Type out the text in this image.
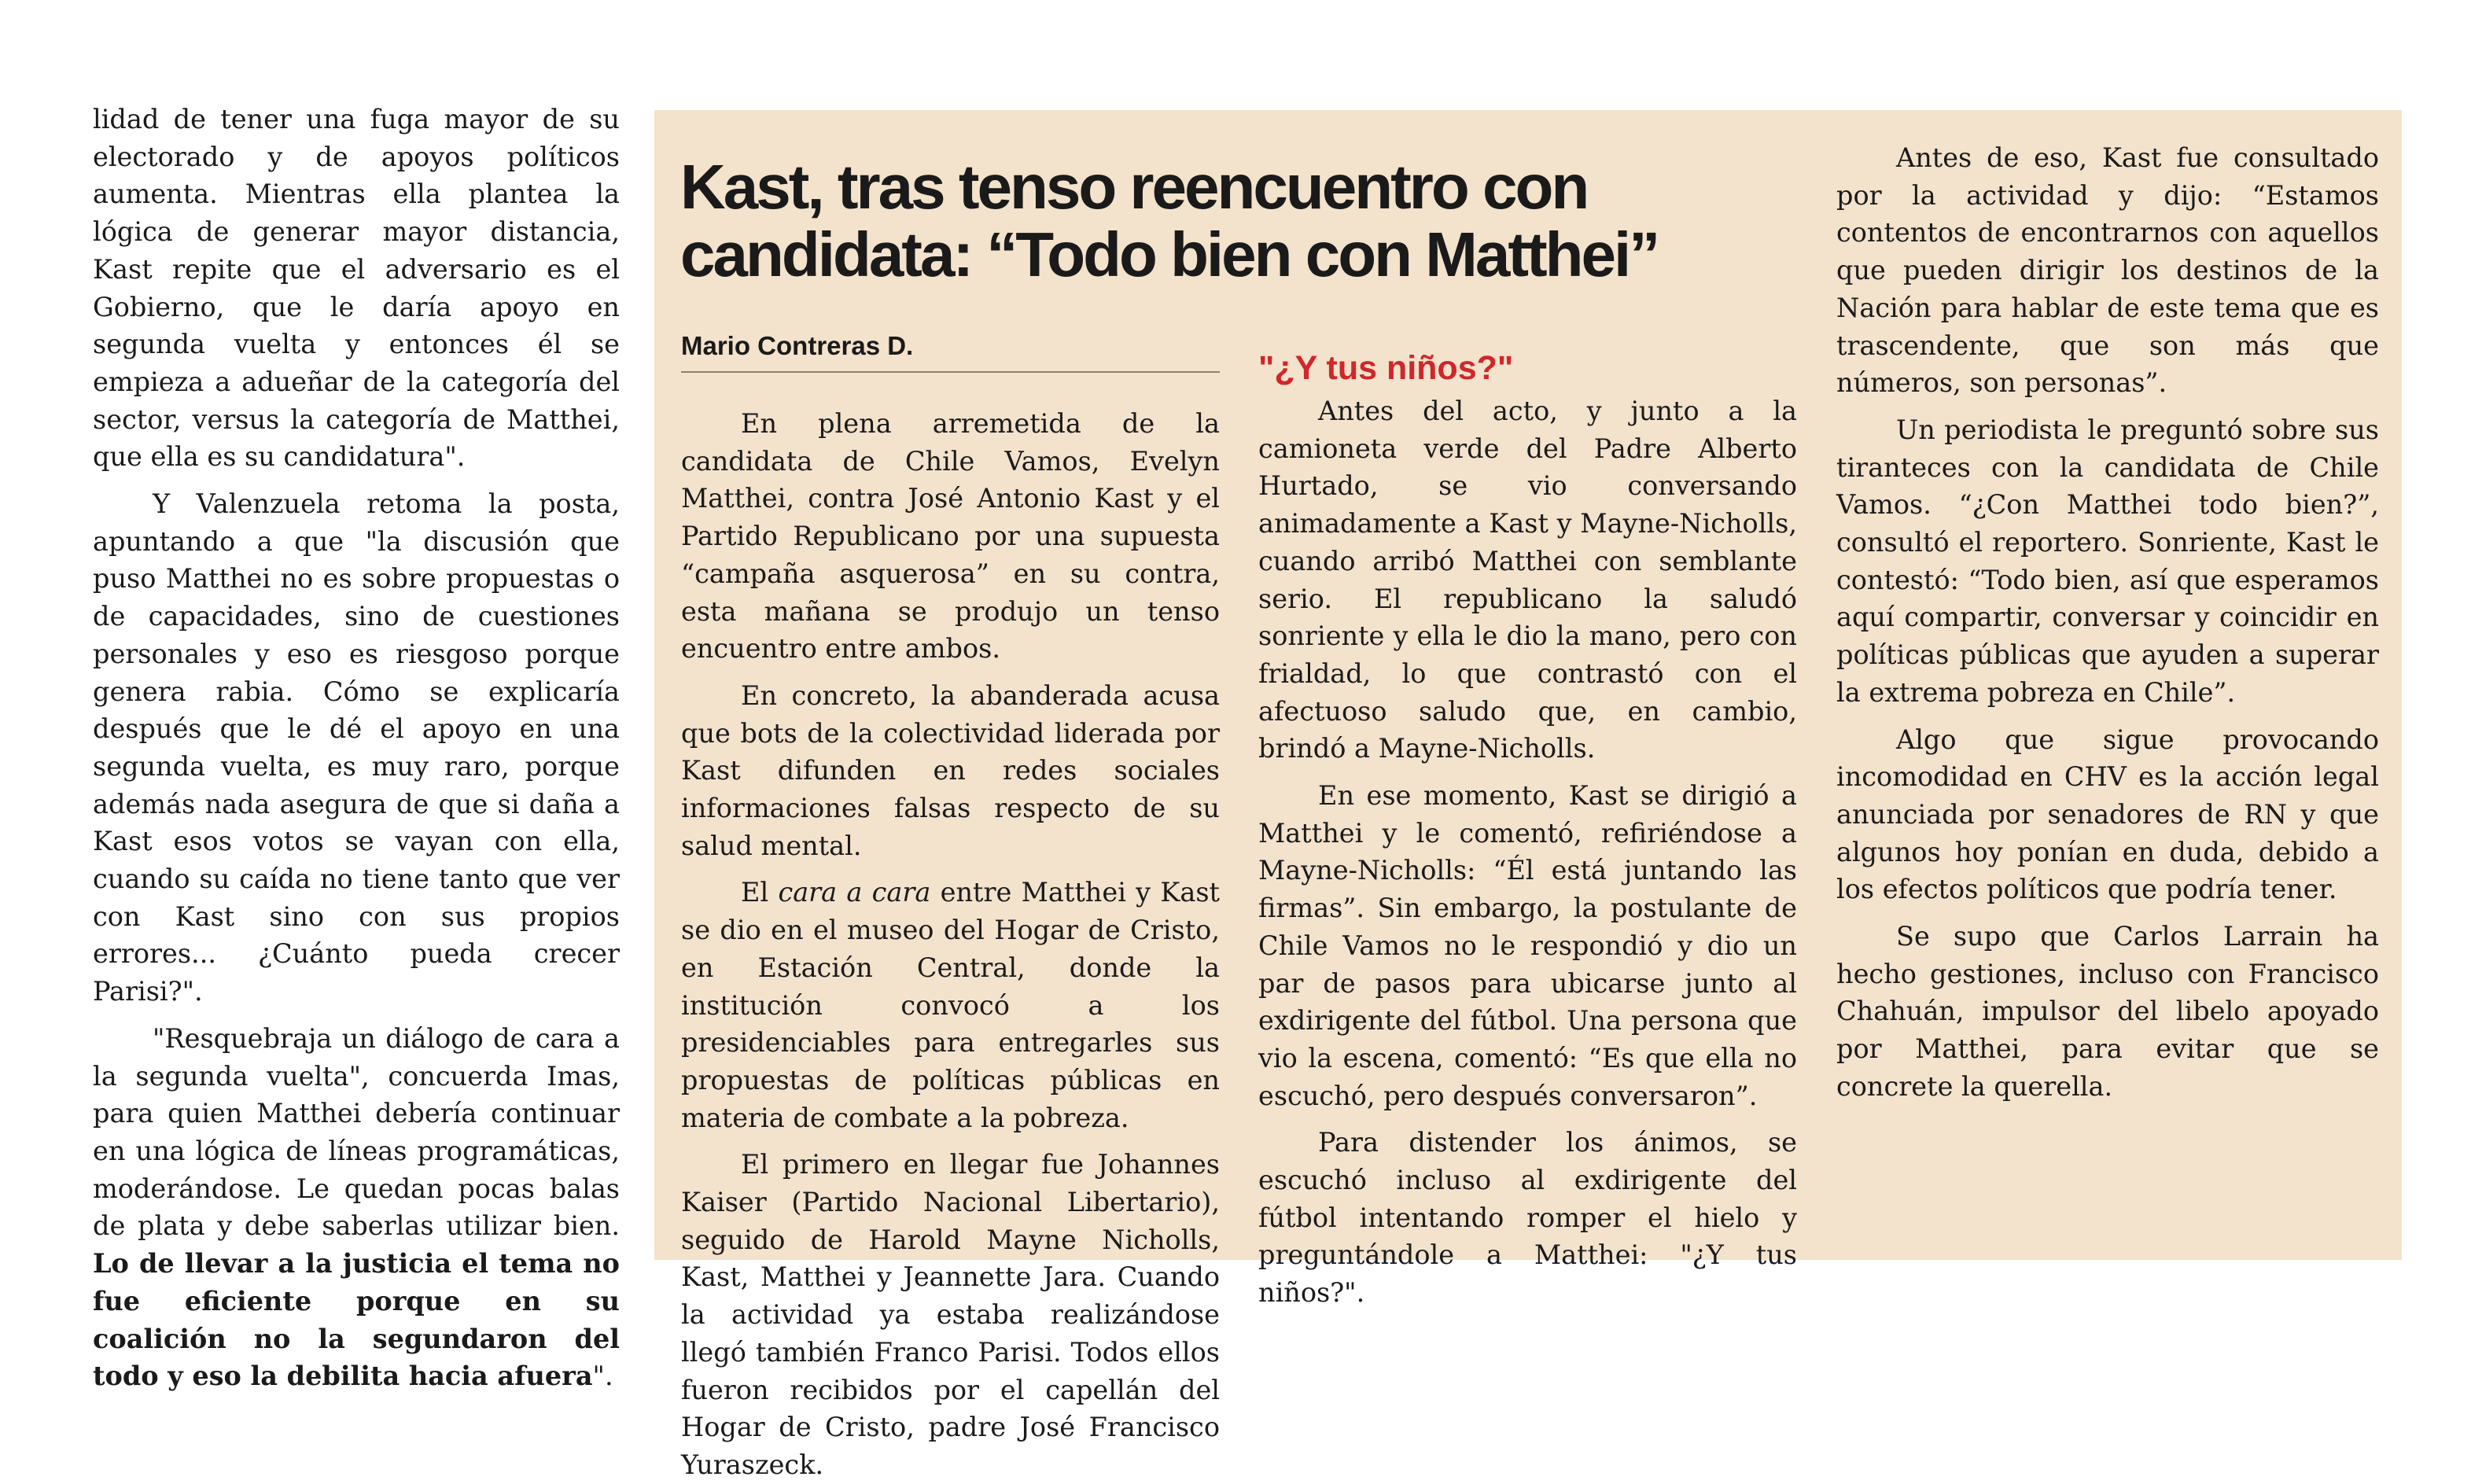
lidad de tener una fuga mayor de su electorado y de apoyos políticos aumenta. Mientras ella plantea la lógica de generar mayor distancia, Kast repite que el adversario es el Gobierno, que le daría apoyo en segunda vuelta y entonces él se empieza a adueñar de la categoría del sector, versus la categoría de Matthei, que ella es su candidatura".

Y Valenzuela retoma la posta, apuntando a que "la discusión que puso Matthei no es sobre propuestas o de capacidades, sino de cuestiones personales y eso es riesgoso porque genera rabia. Cómo se explicaría después que le dé el apoyo en una segunda vuelta, es muy raro, porque además nada asegura de que si daña a Kast esos votos se vayan con ella, cuando su caída no tiene tanto que ver con Kast sino con sus propios errores... ¿Cuánto pueda crecer Parisi?".

"Resquebraja un diálogo de cara a la segunda vuelta", concuerda Imas, para quien Matthei debería continuar en una lógica de líneas programáticas, moderándose. Le quedan pocas balas de plata y debe saberlas utilizar bien. Lo de llevar a la justicia el tema no fue eficiente porque en su coalición no la segundaron del todo y eso la debilita hacia afuera".

Kast, tras tenso reencuentro con candidata: “Todo bien con Matthei”
Mario Contreras D.

En plena arremetida de la candidata de Chile Vamos, Evelyn Matthei, contra José Antonio Kast y el Partido Republicano por una supuesta “campaña asquerosa” en su contra, esta mañana se produjo un tenso encuentro entre ambos.

En concreto, la abanderada acusa que bots de la colectividad liderada por Kast difunden en redes sociales informaciones falsas respecto de su salud mental.

El cara a cara entre Matthei y Kast se dio en el museo del Hogar de Cristo, en Estación Central, donde la institución convocó a los presidenciables para entregarles sus propuestas de políticas públicas en materia de combate a la pobreza.

El primero en llegar fue Johannes Kaiser (Partido Nacional Libertario), seguido de Harold Mayne Nicholls, Kast, Matthei y Jeannette Jara. Cuando la actividad ya estaba realizándose llegó también Franco Parisi. Todos ellos fueron recibidos por el capellán del Hogar de Cristo, padre José Francisco Yuraszeck.

"¿Y tus niños?"

Antes del acto, y junto a la camioneta verde del Padre Alberto Hurtado, se vio conversando animadamente a Kast y Mayne-Nicholls, cuando arribó Matthei con semblante serio. El republicano la saludó sonriente y ella le dio la mano, pero con frialdad, lo que contrastó con el afectuoso saludo que, en cambio, brindó a Mayne-Nicholls.

En ese momento, Kast se dirigió a Matthei y le comentó, refiriéndose a Mayne-Nicholls: “Él está juntando las firmas”. Sin embargo, la postulante de Chile Vamos no le respondió y dio un par de pasos para ubicarse junto al exdirigente del fútbol. Una persona que vio la escena, comentó: “Es que ella no escuchó, pero después conversaron”.

Para distender los ánimos, se escuchó incluso al exdirigente del fútbol intentando romper el hielo y preguntándole a Matthei: "¿Y tus niños?".

Antes de eso, Kast fue consultado por la actividad y dijo: “Estamos contentos de encontrarnos con aquellos que pueden dirigir los destinos de la Nación para hablar de este tema que es trascendente, que son más que números, son personas”.

Un periodista le preguntó sobre sus tiranteces con la candidata de Chile Vamos. “¿Con Matthei todo bien?”, consultó el reportero. Sonriente, Kast le contestó: “Todo bien, así que esperamos aquí compartir, conversar y coincidir en políticas públicas que ayuden a superar la extrema pobreza en Chile”.

Algo que sigue provocando incomodidad en CHV es la acción legal anunciada por senadores de RN y que algunos hoy ponían en duda, debido a los efectos políticos que podría tener.

Se supo que Carlos Larrain ha hecho gestiones, incluso con Francisco Chahuán, impulsor del libelo apoyado por Matthei, para evitar que se concrete la querella.
